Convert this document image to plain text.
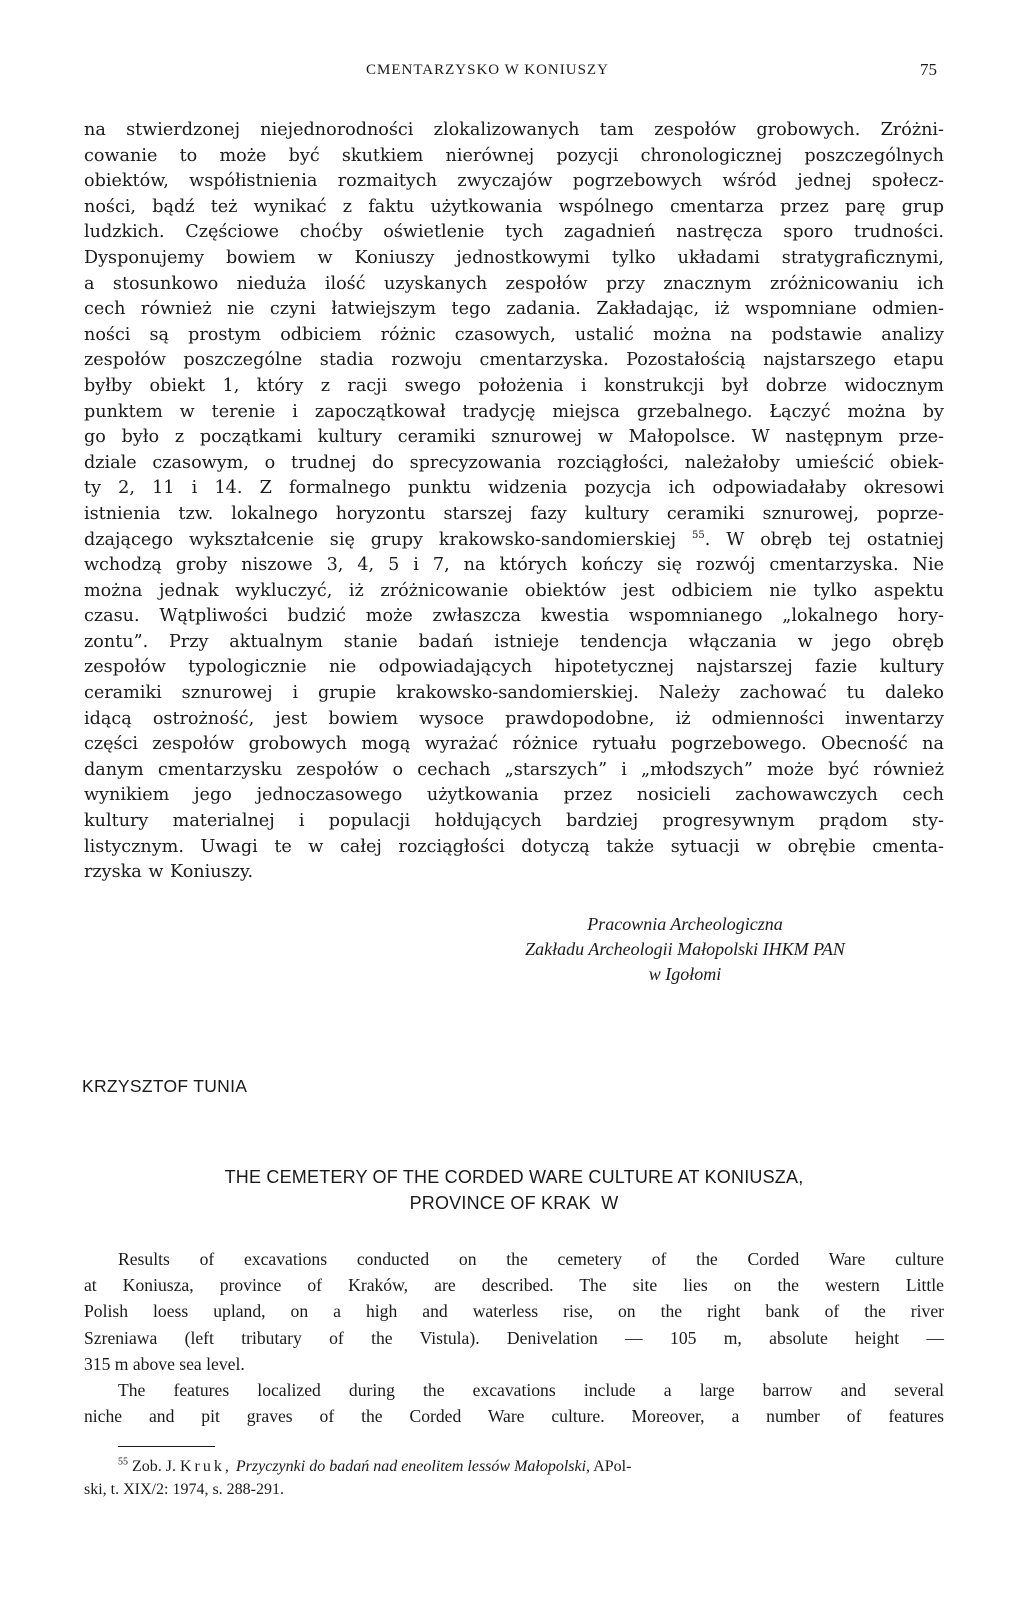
CMENTARZYSKO W KONIUSZY	75
na stwierdzonej niejednorodności zlokalizowanych tam zespołów grobowych. Zróżni-
cowanie to może być skutkiem nierównej pozycji chronologicznej poszczególnych
obiektów, współistnienia rozmaitych zwyczajów pogrzebowych wśród jednej społecz-
ności, bądź też wynikać z faktu użytkowania wspólnego cmentarza przez parę grup
ludzkich. Częściowe choćby oświetlenie tych zagadnień nastręcza sporo trudności.
Dysponujemy bowiem w Koniuszy jednostkowymi tylko układami stratygraficznymi,
a stosunkowo nieduża ilość uzyskanych zespołów przy znacznym zróżnicowaniu ich
cech również nie czyni łatwiejszym tego zadania. Zakładając, iż wspomniane odmien-
ności są prostym odbiciem różnic czasowych, ustalić można na podstawie analizy
zespołów poszczególne stadia rozwoju cmentarzyska. Pozostałością najstarszego etapu
byłby obiekt 1, który z racji swego położenia i konstrukcji był dobrze widocznym
punktem w terenie i zapoczątkował tradycję miejsca grzebalnego. Łączyć można by
go było z początkami kultury ceramiki sznurowej w Małopolsce. W następnym prze-
dziale czasowym, o trudnej do sprecyzowania rozciągłości, należałoby umieścić obiek-
ty 2, 11 i 14. Z formalnego punktu widzenia pozycja ich odpowiadałaby okresowi
istnienia tzw. lokalnego horyzontu starszej fazy kultury ceramiki sznurowej, poprze-
dzającego wykształcenie się grupy krakowsko-sandomierskiej $^{55}$. W obręb tej ostatniej
wchodzą groby niszowe 3, 4, 5 i 7, na których kończy się rozwój cmentarzyska. Nie
można jednak wykluczyć, iż zróżnicowanie obiektów jest odbiciem nie tylko aspektu
czasu. Wątpliwości budzić może zwłaszcza kwestia wspomnianego „lokalnego hory-
zontu”. Przy aktualnym stanie badań istnieje tendencja włączania w jego obręb
zespołów typologicznie nie odpowiadających hipotetycznej najstarszej fazie kultury
ceramiki sznurowej i grupie krakowsko-sandomierskiej. Należy zachować tu daleko
idącą ostrożność, jest bowiem wysoce prawdopodobne, iż odmienności inwentarzy
części zespołów grobowych mogą wyrażać różnice rytuału pogrzebowego. Obecność na
danym cmentarzysku zespołów o cechach „starszych” i „młodszych” może być również
wynikiem jego jednoczasowego użytkowania przez nosicieli zachowawczych cech
kultury materialnej i populacji hołdujących bardziej progresywnym prądom sty-
listycznym. Uwagi te w całej rozciągłości dotyczą także sytuacji w obrębie cmenta-
rzyska w Koniuszy.
Pracownia Archeologiczna
Zakładu Archeologii Małopolski IHKM PAN
w Igołomi
KRZYSZTOF TUNIA
THE CEMETERY OF THE CORDED WARE CULTURE AT KONIUSZA,
PROVINCE OF KRAK  W
Results of excavations conducted on the cemetery of the Corded Ware culture
at Koniusza, province of Kraków, are described. The site lies on the western Little
Polish loess upland, on a high and waterless rise, on the right bank of the river
Szreniawa (left tributary of the Vistula). Denivelation — 105 m, absolute height —
315 m above sea level.
The features localized during the excavations include a large barrow and several
niche and pit graves of the Corded Ware culture. Moreover, a number of features
$^{55}$ Zob. J. Kruk, Przyczynki do badań nad eneolitem lessów Małopolski, APol-
ski, t. XIX/2: 1974, s. 288-291.
